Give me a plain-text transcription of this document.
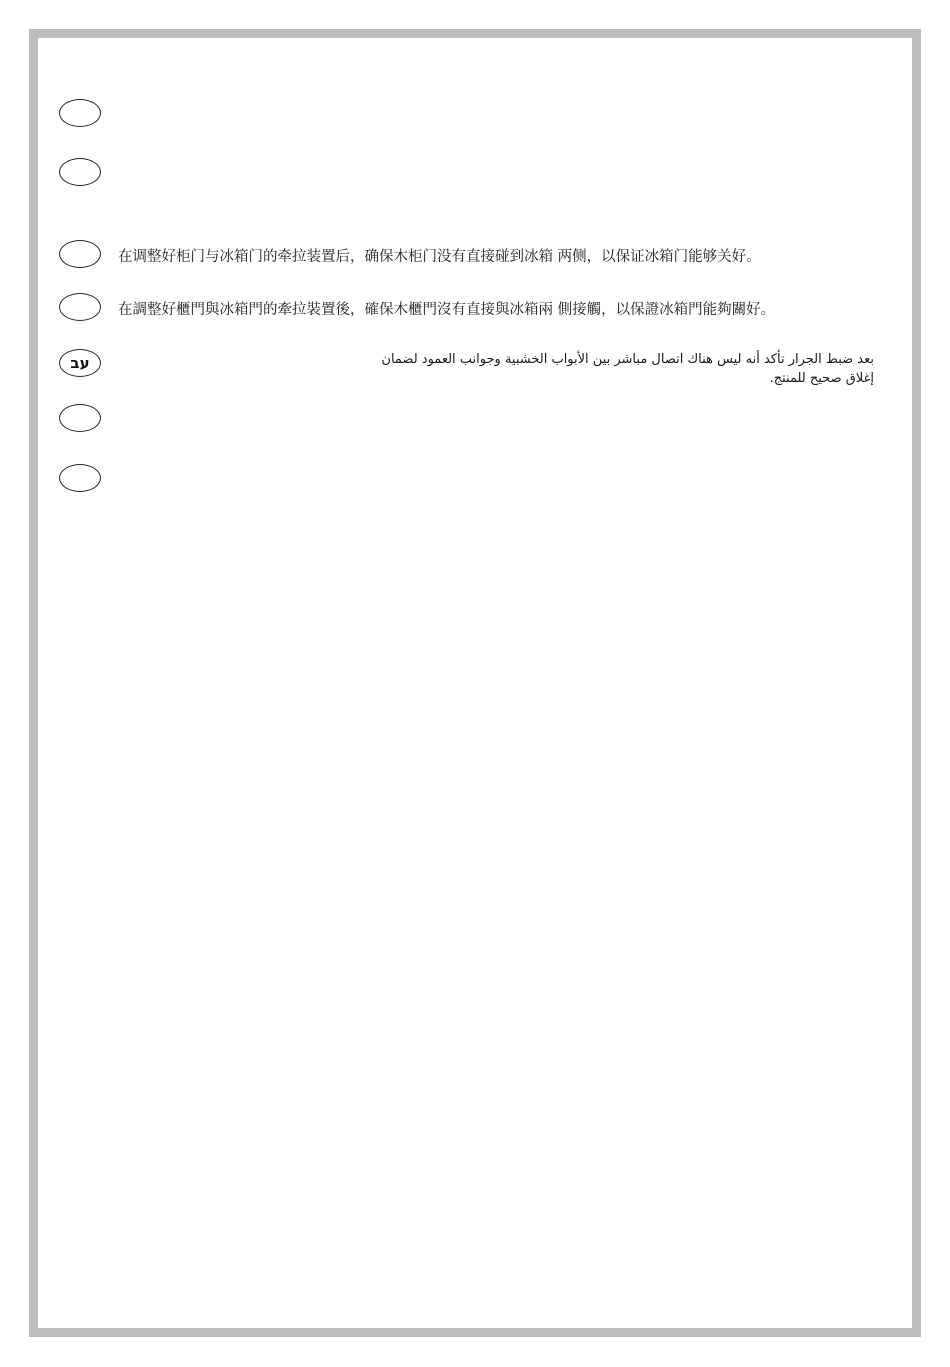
在调整好柜门与冰箱门的牵拉装置后，确保木柜门没有直接碰到冰箱 两侧，以保证冰箱门能够关好。
在調整好櫃門與冰箱門的牽拉裝置後，確保木櫃門沒有直接與冰箱兩 側接觸，以保證冰箱門能夠關好。
עב	بعد ضبط الجرار تأكد أنه ليس هناك اتصال مباشر بين الأبواب الخشبية وجوانب العمود لضمان

إغلاق صحيح للمنتج.
